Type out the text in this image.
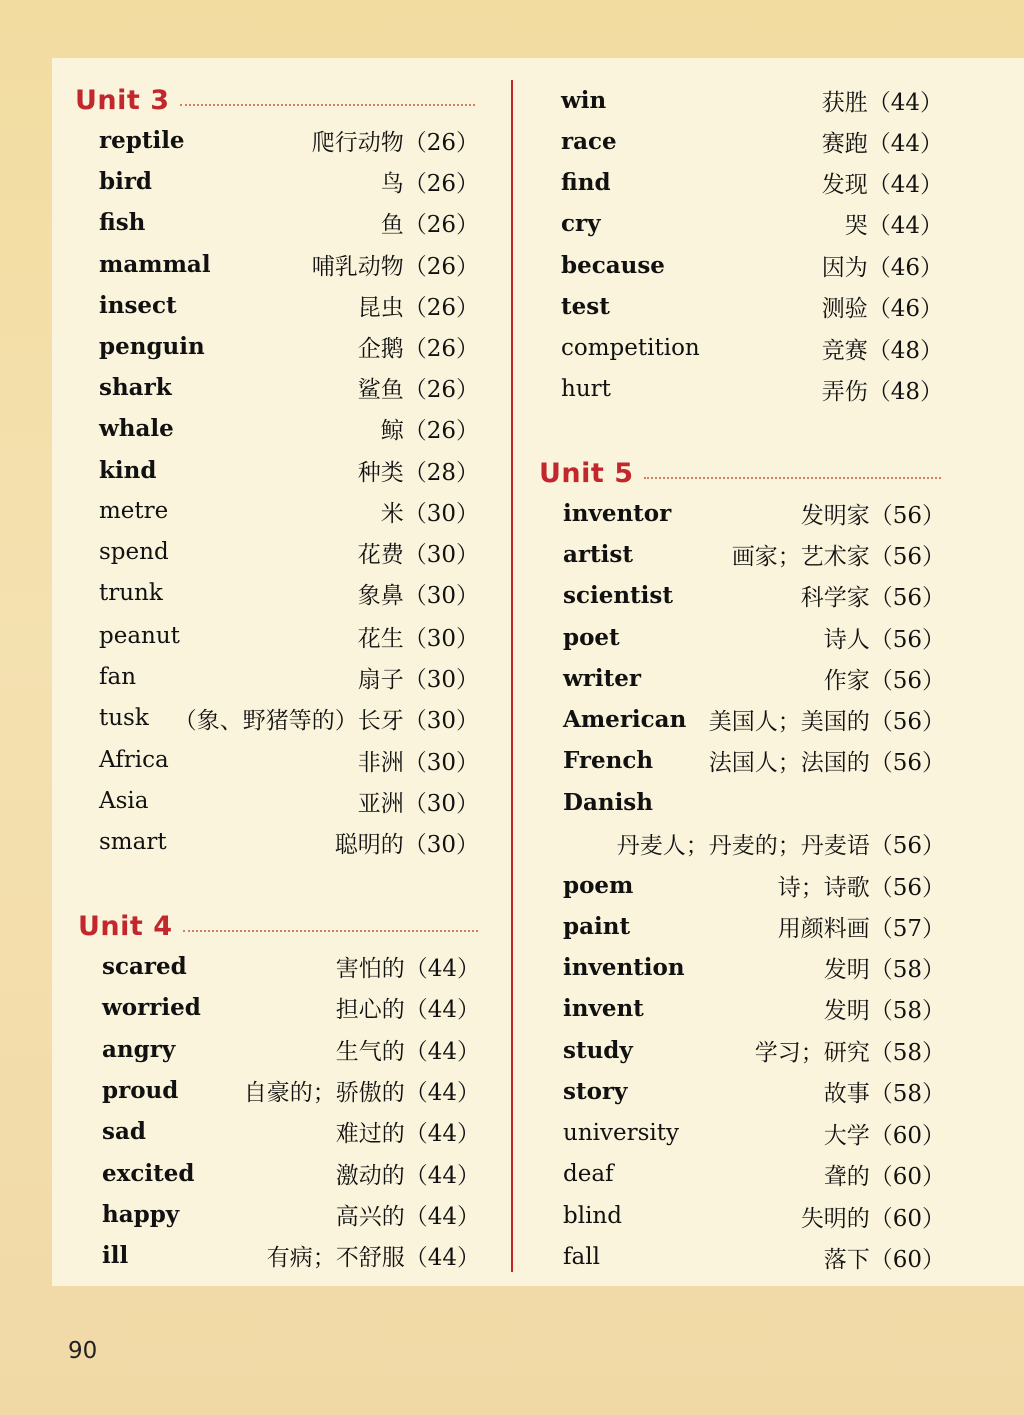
Unit 3
reptile	爬行动物（26）
bird	鸟（26）
fish	鱼（26）
mammal	哺乳动物（26）
insect	昆虫（26）
penguin	企鹅（26）
shark	鲨鱼（26）
whale	鲸（26）
kind	种类（28）
metre	米（30）
spend	花费（30）
trunk	象鼻（30）
peanut	花生（30）
fan	扇子（30）
tusk （象、野猪等的）长牙（30）
Africa	非洲（30）
Asia	亚洲（30）
smart	聪明的（30）
Unit 4
scared	害怕的（44）
worried	担心的（44）
angry	生气的（44）
proud	自豪的；骄傲的（44）
sad	难过的（44）
excited	激动的（44）
happy	高兴的（44）
ill	有病；不舒服（44）
win	获胜（44）
race	赛跑（44）
find	发现（44）
cry	哭（44）
because	因为（46）
test	测验（46）
competition	竞赛（48）
hurt	弄伤（48）
Unit 5
inventor	发明家（56）
artist	画家；艺术家（56）
scientist	科学家（56）
poet	诗人（56）
writer	作家（56）
American 美国人；美国的（56）
French 法国人；法国的（56）
Danish
丹麦人；丹麦的；丹麦语（56）
poem	诗；诗歌（56）
paint	用颜料画（57）
invention	发明（58）
invent	发明（58）
study	学习；研究（58）
story	故事（58）
university	大学（60）
deaf	聋的（60）
blind	失明的（60）
fall	落下（60）
90
